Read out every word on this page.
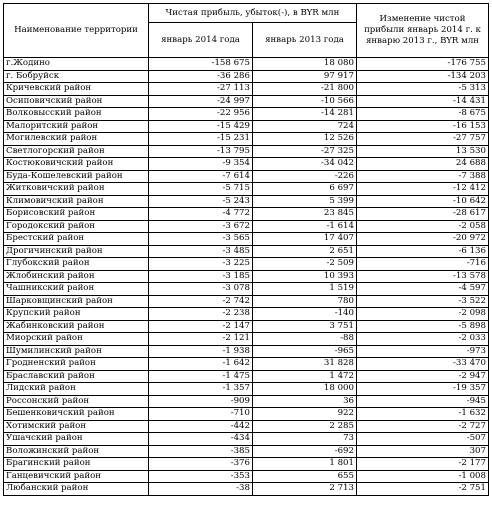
Наименование территории	Чистая прибыль, убыток(-), в BYR млн		Изменение чистой прибыли январь 2014 г. к январю 2013 г., BYR млн
	январь 2014 года	январь 2013 года	
г.Жодино	-158 675	18 080	-176 755
г. Бобруйск	-36 286	97 917	-134 203
Кричевский район	-27 113	-21 800	-5 313
Осиповичский район	-24 997	-10 566	-14 431
Волковысский район	-22 956	-14 281	-8 675
Малоритский район	-15 429	724	-16 153
Могилевский район	-15 231	12 526	-27 757
Светлогорский район	-13 795	-27 325	13 530
Костюковичский район	-9 354	-34 042	24 688
Буда-Кошелевский район	-7 614	-226	-7 388
Житковичский район	-5 715	6 697	-12 412
Климовичский район	-5 243	5 399	-10 642
Борисовский район	-4 772	23 845	-28 617
Городокский район	-3 672	-1 614	-2 058
Брестский район	-3 565	17 407	-20 972
Дрогичинский район	-3 485	2 651	-6 136
Глубокский район	-3 225	-2 509	-716
Жлобинский район	-3 185	10 393	-13 578
Чашникский район	-3 078	1 519	-4 597
Шарковщинский район	-2 742	780	-3 522
Крупский район	-2 238	-140	-2 098
Жабинковский район	-2 147	3 751	-5 898
Миорский район	-2 121	-88	-2 033
Шумилинский район	-1 938	-965	-973
Гродненский район	-1 642	31 828	-33 470
Браславский район	-1 475	1 472	-2 947
Лидский район	-1 357	18 000	-19 357
Россонский район	-909	36	-945
Бешенковичский район	-710	922	-1 632
Хотимский район	-442	2 285	-2 727
Ушачский район	-434	73	-507
Воложинский район	-385	-692	307
Брагинский район	-376	1 801	-2 177
Ганцевичский район	-353	655	-1 008
Любанский район	-38	2 713	-2 751
